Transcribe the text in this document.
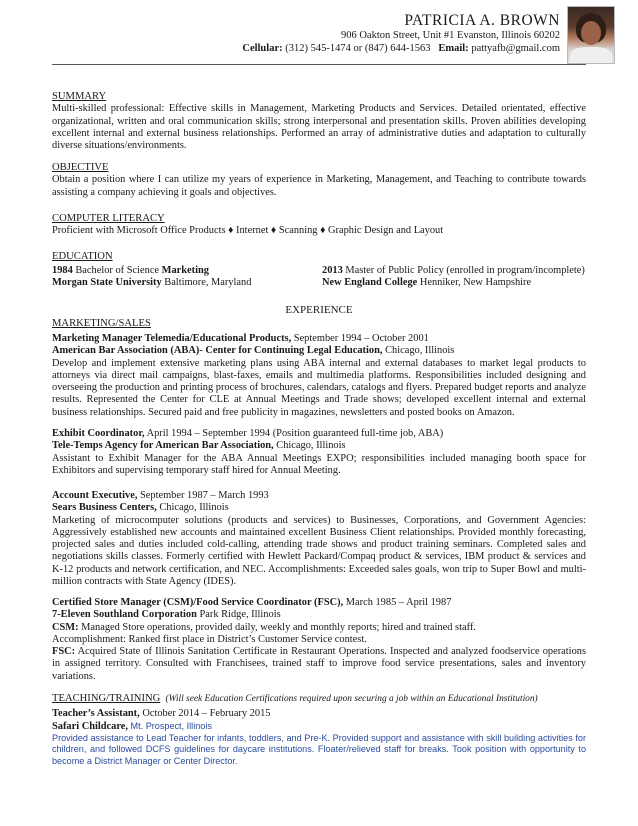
PATRICIA A. BROWN
906 Oakton Street, Unit #1 Evanston, Illinois 60202
Cellular: (312) 545-1474 or (847) 644-1563 Email: pattyafb@gmail.com
SUMMARY
Multi-skilled professional: Effective skills in Management, Marketing Products and Services. Detailed orientated, effective organizational, written and oral communication skills; strong interpersonal and presentation skills. Proven abilities developing excellent internal and external business relationships. Performed an array of administrative duties and adaptation to culturally diverse situations/environments.
OBJECTIVE
Obtain a position where I can utilize my years of experience in Marketing, Management, and Teaching to contribute towards assisting a company achieving it goals and objectives.
COMPUTER LITERACY
Proficient with Microsoft Office Products ♦ Internet ♦ Scanning ♦ Graphic Design and Layout
EDUCATION
1984 Bachelor of Science Marketing
Morgan State University Baltimore, Maryland
2013 Master of Public Policy (enrolled in program/incomplete)
New England College Henniker, New Hampshire
EXPERIENCE
MARKETING/SALES
Marketing Manager Telemedia/Educational Products, September 1994 – October 2001
American Bar Association (ABA)- Center for Continuing Legal Education, Chicago, Illinois
Develop and implement extensive marketing plans using ABA internal and external databases to market legal products to attorneys via direct mail campaigns, blast-faxes, emails and multimedia platforms. Responsibilities included designing and overseeing the production and printing process of brochures, calendars, catalogs and flyers. Prepared budget reports and analyze results. Represented the Center for CLE at Annual Meetings and Trade shows; developed excellent internal and external business relationships. Secured paid and free publicity in magazines, newsletters and posted books on Amazon.
Exhibit Coordinator, April 1994 – September 1994 (Position guaranteed full-time job, ABA)
Tele-Temps Agency for American Bar Association, Chicago, Illinois
Assistant to Exhibit Manager for the ABA Annual Meetings EXPO; responsibilities included managing booth space for Exhibitors and supervising temporary staff hired for Annual Meeting.
Account Executive, September 1987 – March 1993
Sears Business Centers, Chicago, Illinois
Marketing of microcomputer solutions (products and services) to Businesses, Corporations, and Government Agencies: Aggressively established new accounts and maintained excellent Business Client relationships. Provided monthly forecasting, projected sales and duties included cold-calling, attending trade shows and product training seminars. Completed sales and negotiations skills classes. Formerly certified with Hewlett Packard/Compaq product & services, IBM product & services and K-12 products and network certification, and NEC. Accomplishments: Exceeded sales goals, won trip to Super Bowl and multi-million contracts with State Agency (IDES).
Certified Store Manager (CSM)/Food Service Coordinator (FSC), March 1985 – April 1987
7-Eleven Southland Corporation Park Ridge, Illinois
CSM: Managed Store operations, provided daily, weekly and monthly reports; hired and trained staff.
Accomplishment: Ranked first place in District’s Customer Service contest.
FSC: Acquired State of Illinois Sanitation Certificate in Restaurant Operations. Inspected and analyzed foodservice operations in assigned territory. Consulted with Franchisees, trained staff to improve food service presentations, sales and inventory variations.
TEACHING/TRAINING (Will seek Education Certifications required upon securing a job within an Educational Institution)
Teacher’s Assistant, October 2014 – February 2015
Safari Childcare, Mt. Prospect, Illinois
Provided assistance to Lead Teacher for infants, toddlers, and Pre-K. Provided support and assistance with skill building activities for children, and followed DCFS guidelines for daycare institutions. Floater/relieved staff for breaks. Took position with opportunity to become a District Manager or Center Director.
